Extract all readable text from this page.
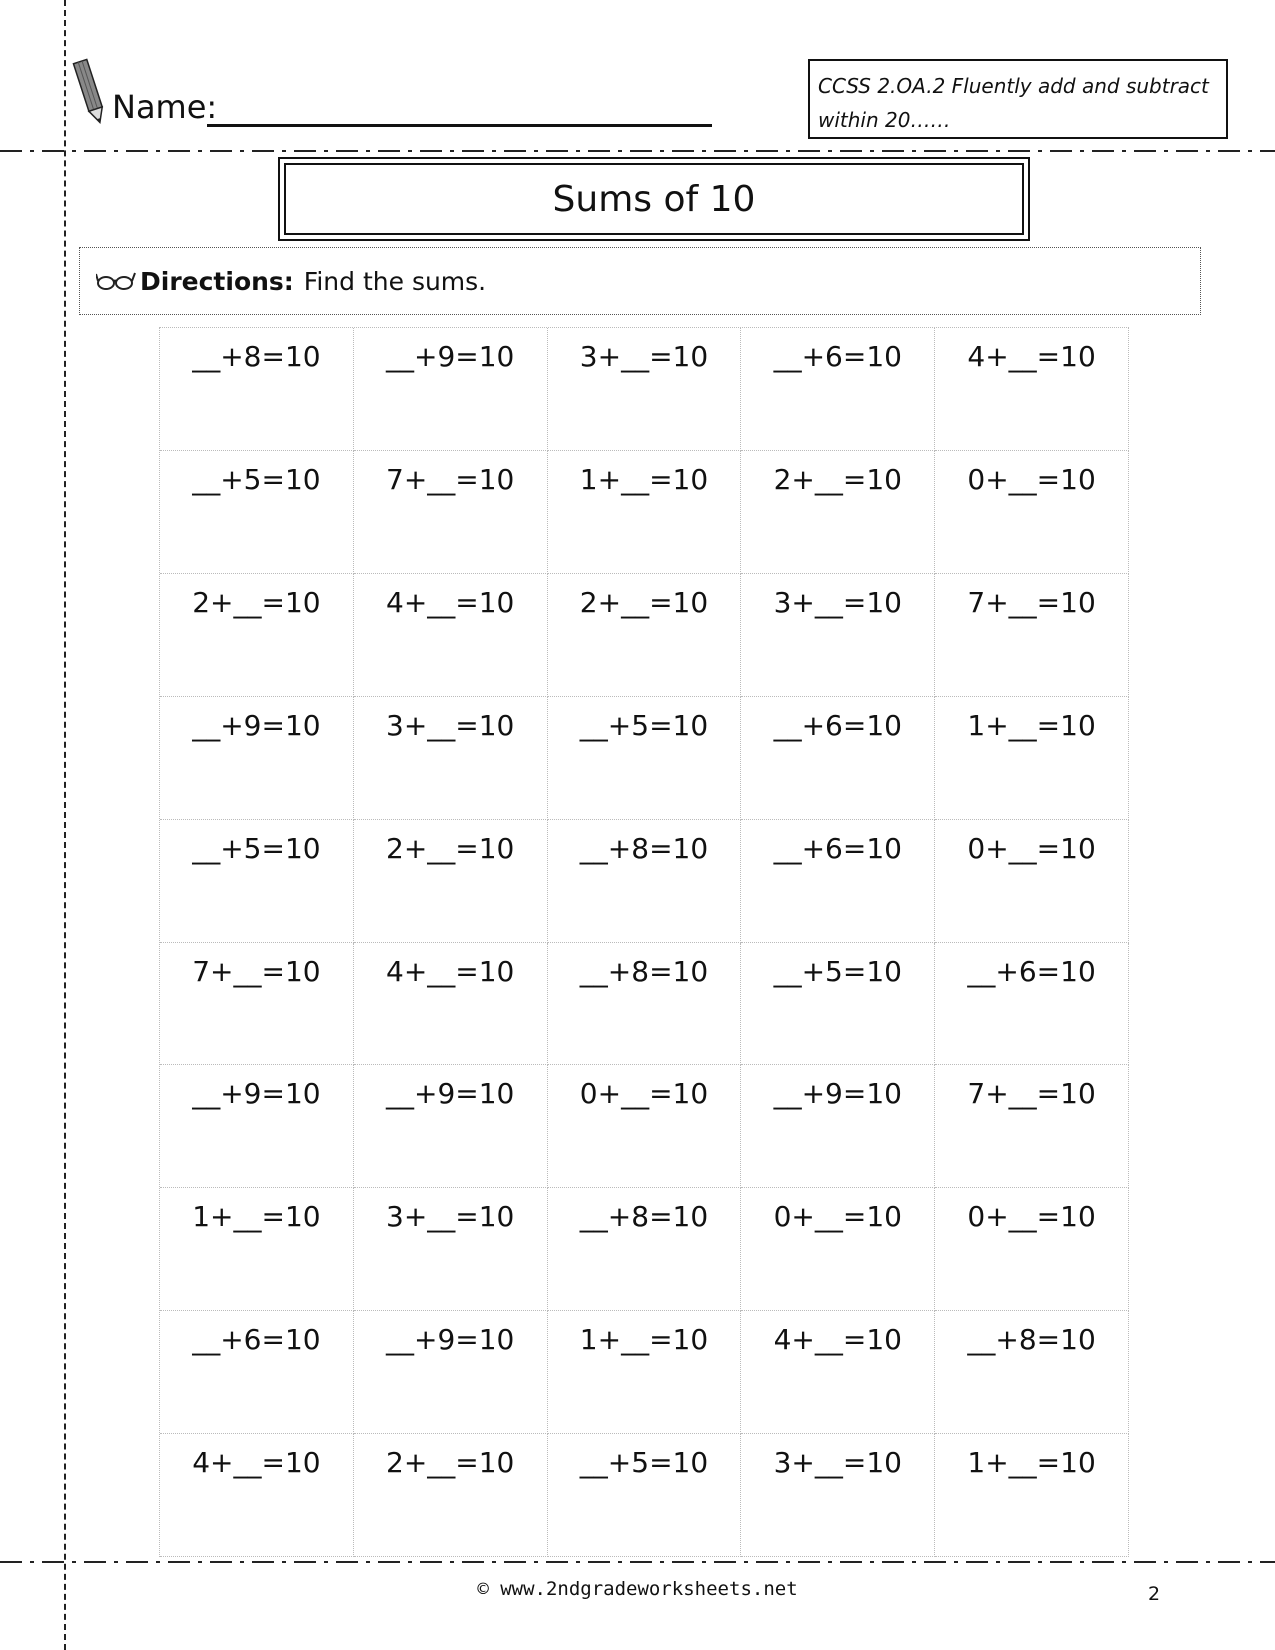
Name:
CCSS 2.OA.2 Fluently add and subtract
within 20……
Sums of 10
Directions: Find the sums.
__+8=10	__+9=10	3+__=10	__+6=10	4+__=10
__+5=10	7+__=10	1+__=10	2+__=10	0+__=10
2+__=10	4+__=10	2+__=10	3+__=10	7+__=10
__+9=10	3+__=10	__+5=10	__+6=10	1+__=10
__+5=10	2+__=10	__+8=10	__+6=10	0+__=10
7+__=10	4+__=10	__+8=10	__+5=10	__+6=10
__+9=10	__+9=10	0+__=10	__+9=10	7+__=10
1+__=10	3+__=10	__+8=10	0+__=10	0+__=10
__+6=10	__+9=10	1+__=10	4+__=10	__+8=10
4+__=10	2+__=10	__+5=10	3+__=10	1+__=10
© www.2ndgradeworksheets.net	2
